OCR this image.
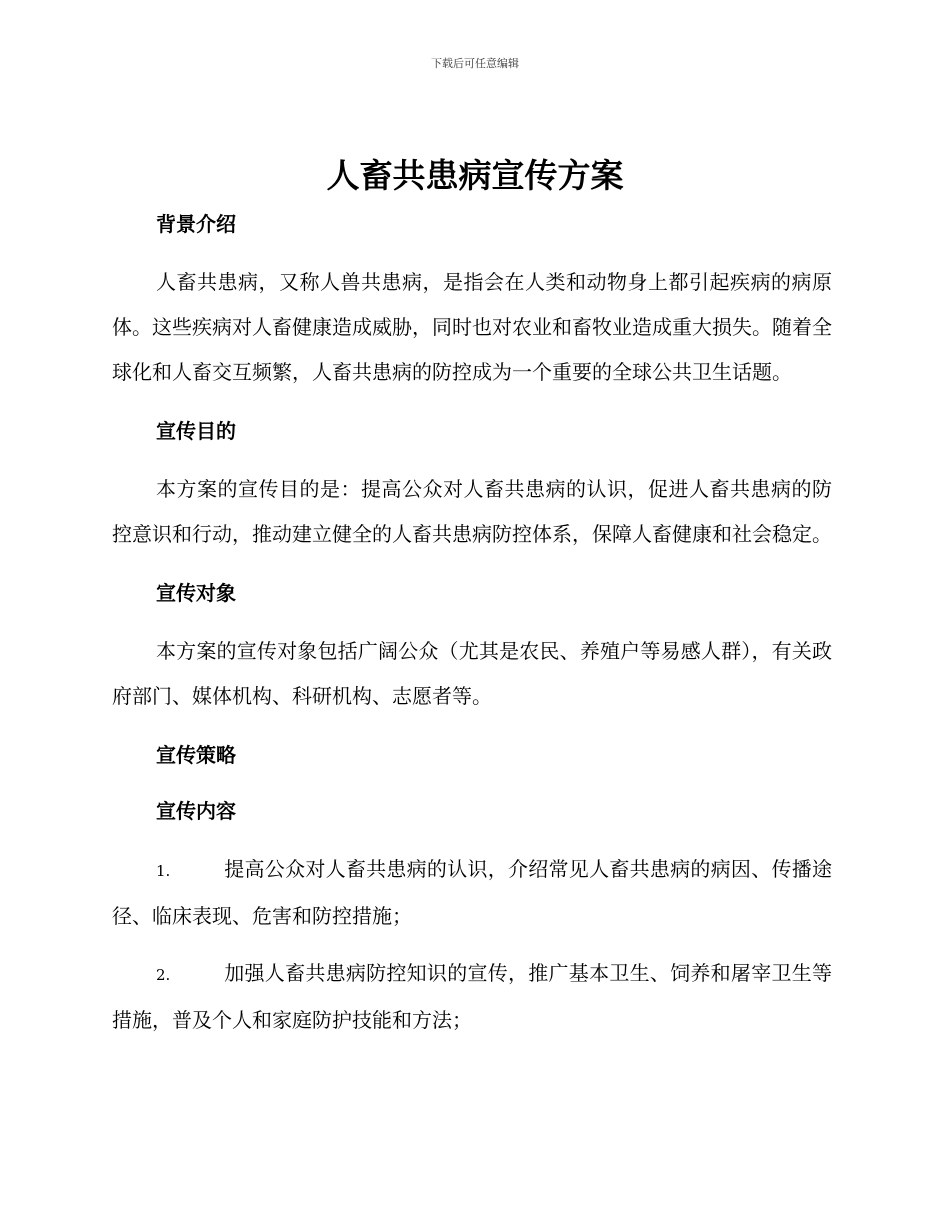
下载后可任意编辑
人畜共患病宣传方案

背景介绍

人畜共患病，又称人兽共患病，是指会在人类和动物身上都引起疾病的病原体。这些疾病对人畜健康造成威胁，同时也对农业和畜牧业造成重大损失。随着全球化和人畜交互频繁，人畜共患病的防控成为一个重要的全球公共卫生话题。

宣传目的

本方案的宣传目的是：提高公众对人畜共患病的认识，促进人畜共患病的防控意识和行动，推动建立健全的人畜共患病防控体系，保障人畜健康和社会稳定。

宣传对象

本方案的宣传对象包括广阔公众（尤其是农民、养殖户等易感人群），有关政府部门、媒体机构、科研机构、志愿者等。

宣传策略

宣传内容

1.	提高公众对人畜共患病的认识，介绍常见人畜共患病的病因、传播途径、临床表现、危害和防控措施；

2.	加强人畜共患病防控知识的宣传，推广基本卫生、饲养和屠宰卫生等措施，普及个人和家庭防护技能和方法；
